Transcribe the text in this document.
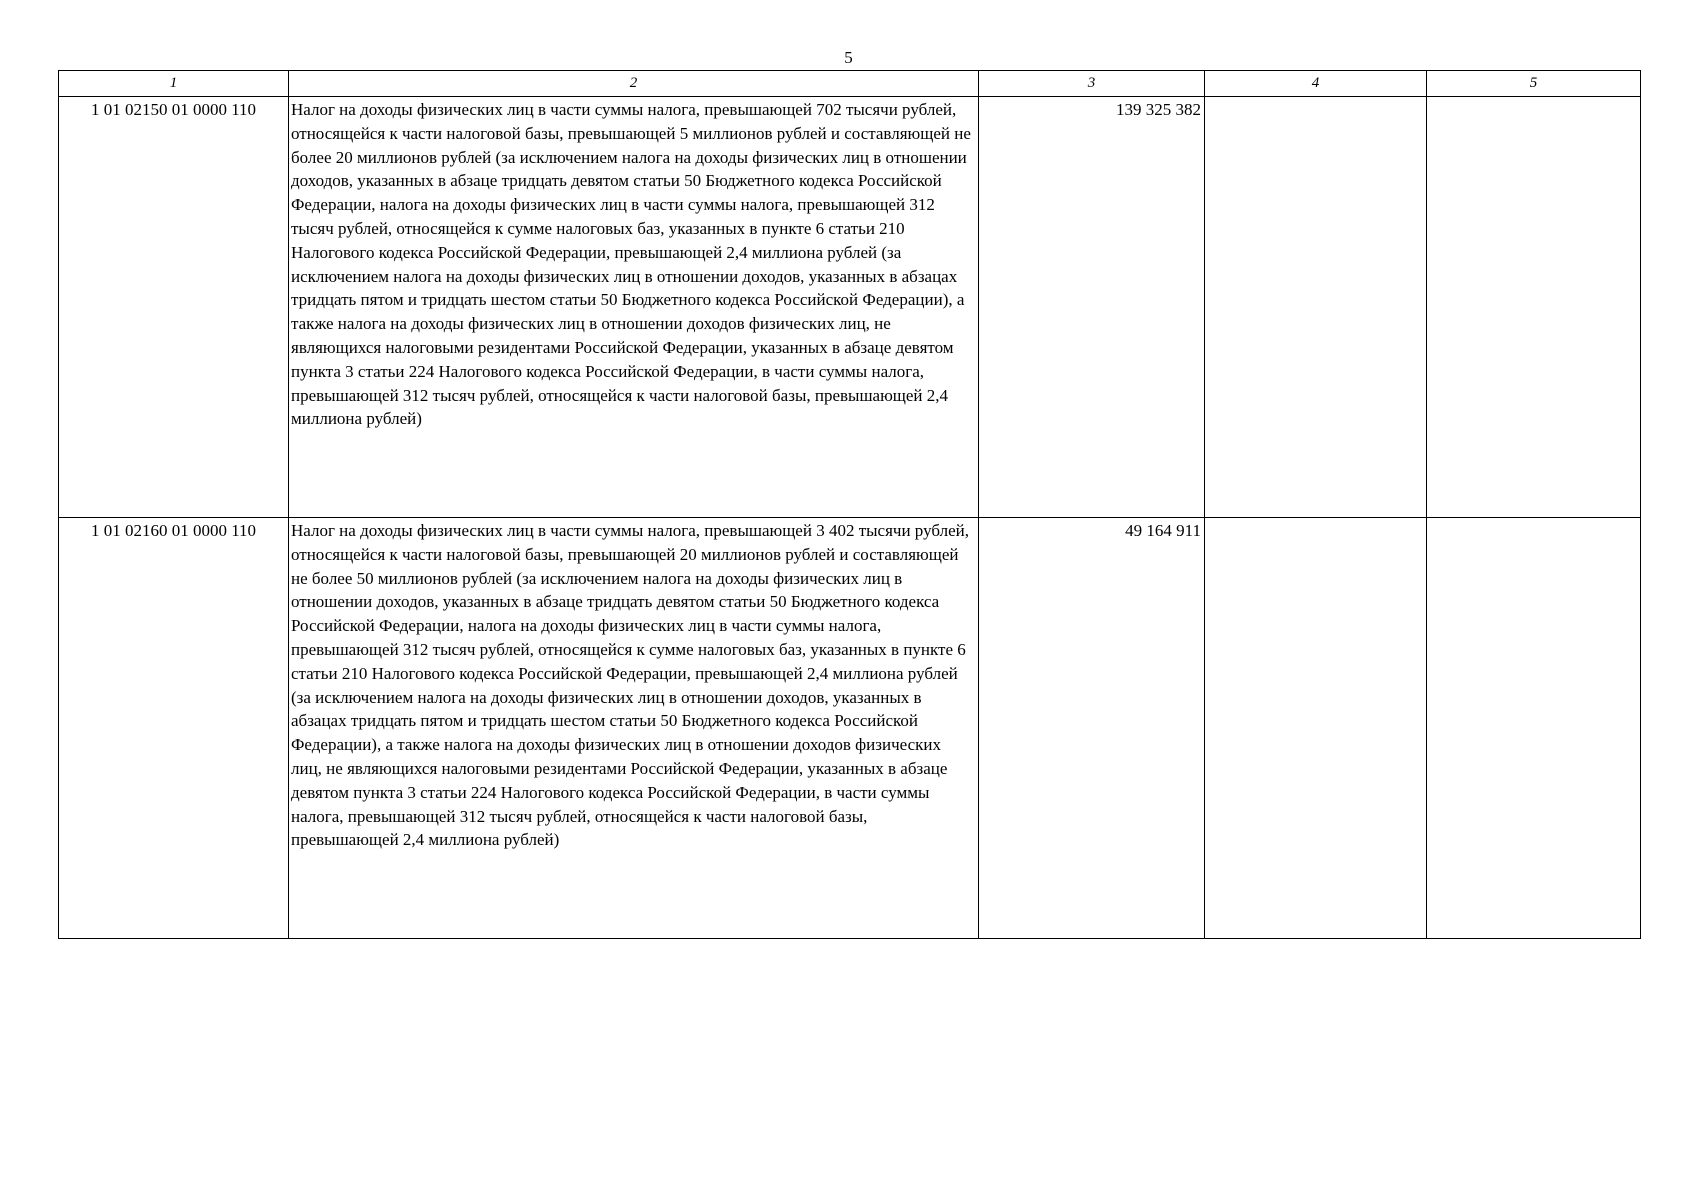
5
1	2	3	4	5
1 01 02150 01 0000 110	Налог на доходы физических лиц в части суммы налога, превышающей 702 тысячи рублей, относящейся к части налоговой базы, превышающей 5 миллионов рублей и составляющей не более 20 миллионов рублей (за исключением налога на доходы физических лиц в отношении доходов, указанных в абзаце тридцать девятом статьи 50 Бюджетного кодекса Российской Федерации, налога на доходы физических лиц в части суммы налога, превышающей 312 тысяч рублей, относящейся к сумме налоговых баз, указанных в пункте 6 статьи 210 Налогового кодекса Российской Федерации, превышающей 2,4 миллиона рублей (за исключением налога на доходы физических лиц в отношении доходов, указанных в абзацах тридцать пятом и тридцать шестом статьи 50 Бюджетного кодекса Российской Федерации), а также налога на доходы физических лиц в отношении доходов физических лиц, не являющихся налоговыми резидентами Российской Федерации, указанных в абзаце девятом пункта 3 статьи 224 Налогового кодекса Российской Федерации, в части суммы налога, превышающей 312 тысяч рублей, относящейся к части налоговой базы, превышающей 2,4 миллиона рублей)	139 325 382		
1 01 02160 01 0000 110	Налог на доходы физических лиц в части суммы налога, превышающей 3 402 тысячи рублей, относящейся к части налоговой базы, превышающей 20 миллионов рублей и составляющей не более 50 миллионов рублей (за исключением налога на доходы физических лиц в отношении доходов, указанных в абзаце тридцать девятом статьи 50 Бюджетного кодекса Российской Федерации, налога на доходы физических лиц в части суммы налога, превышающей 312 тысяч рублей, относящейся к сумме налоговых баз, указанных в пункте 6 статьи 210 Налогового кодекса Российской Федерации, превышающей 2,4 миллиона рублей (за исключением налога на доходы физических лиц в отношении доходов, указанных в абзацах тридцать пятом и тридцать шестом статьи 50 Бюджетного кодекса Российской Федерации), а также налога на доходы физических лиц в отношении доходов физических лиц, не являющихся налоговыми резидентами Российской Федерации, указанных в абзаце девятом пункта 3 статьи 224 Налогового кодекса Российской Федерации, в части суммы налога, превышающей 312 тысяч рублей, относящейся к части налоговой базы, превышающей 2,4 миллиона рублей)	49 164 911		
